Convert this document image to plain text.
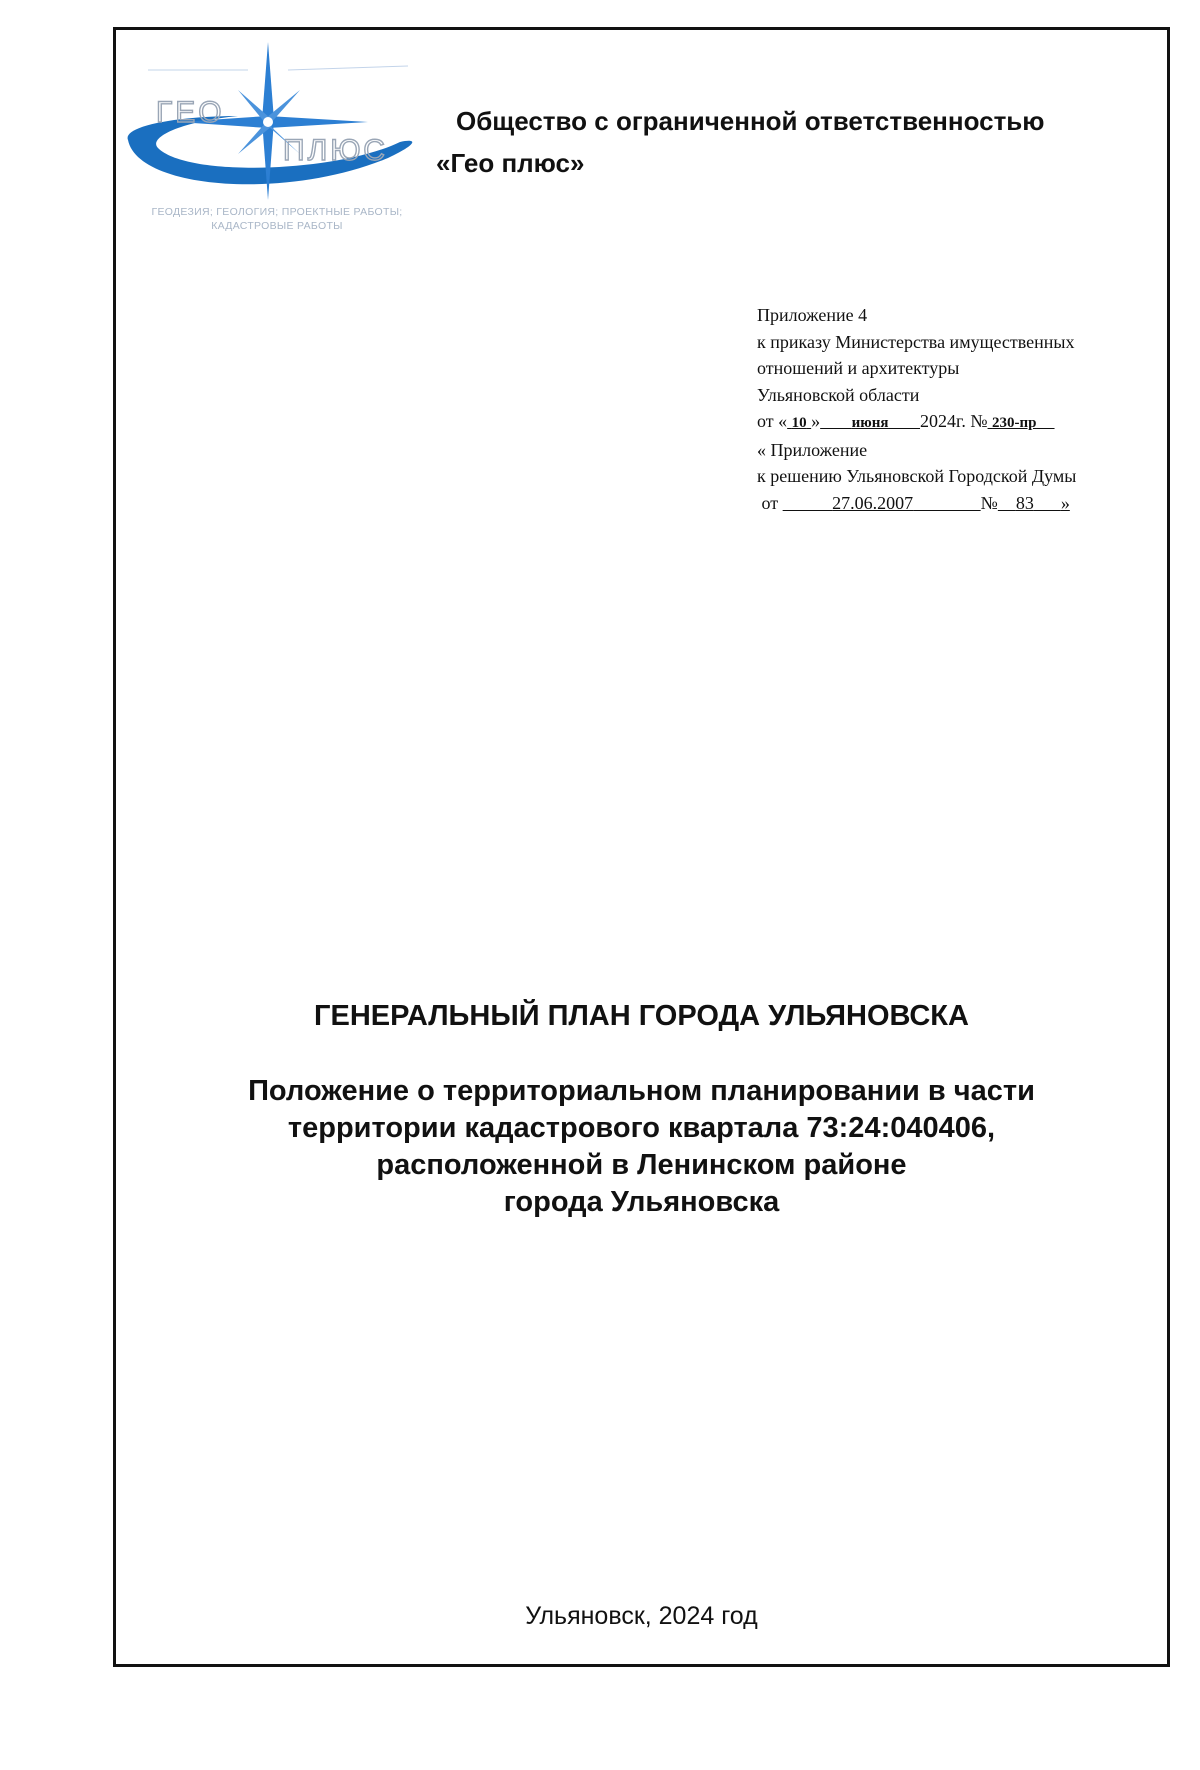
ГЕО
ПЛЮС
ГЕОДЕЗИЯ; ГЕОЛОГИЯ; ПРОЕКТНЫЕ РАБОТЫ;
КАДАСТРОВЫЕ РАБОТЫ
Общество с ограниченной ответственностью
«Гео плюс»
Приложение 4
к приказу Министерства имущественных
отношений и архитектуры
Ульяновской области
от « 10 » июня 2024г. № 230-пр
« Приложение
к решению Ульяновской Городской Думы
от	27.06.2007	№ 83 »
ГЕНЕРАЛЬНЫЙ ПЛАН ГОРОДА УЛЬЯНОВСКА
Положение о территориальном планировании в части
территории кадастрового квартала 73:24:040406,
расположенной в Ленинском районе
города Ульяновска
Ульяновск, 2024 год
